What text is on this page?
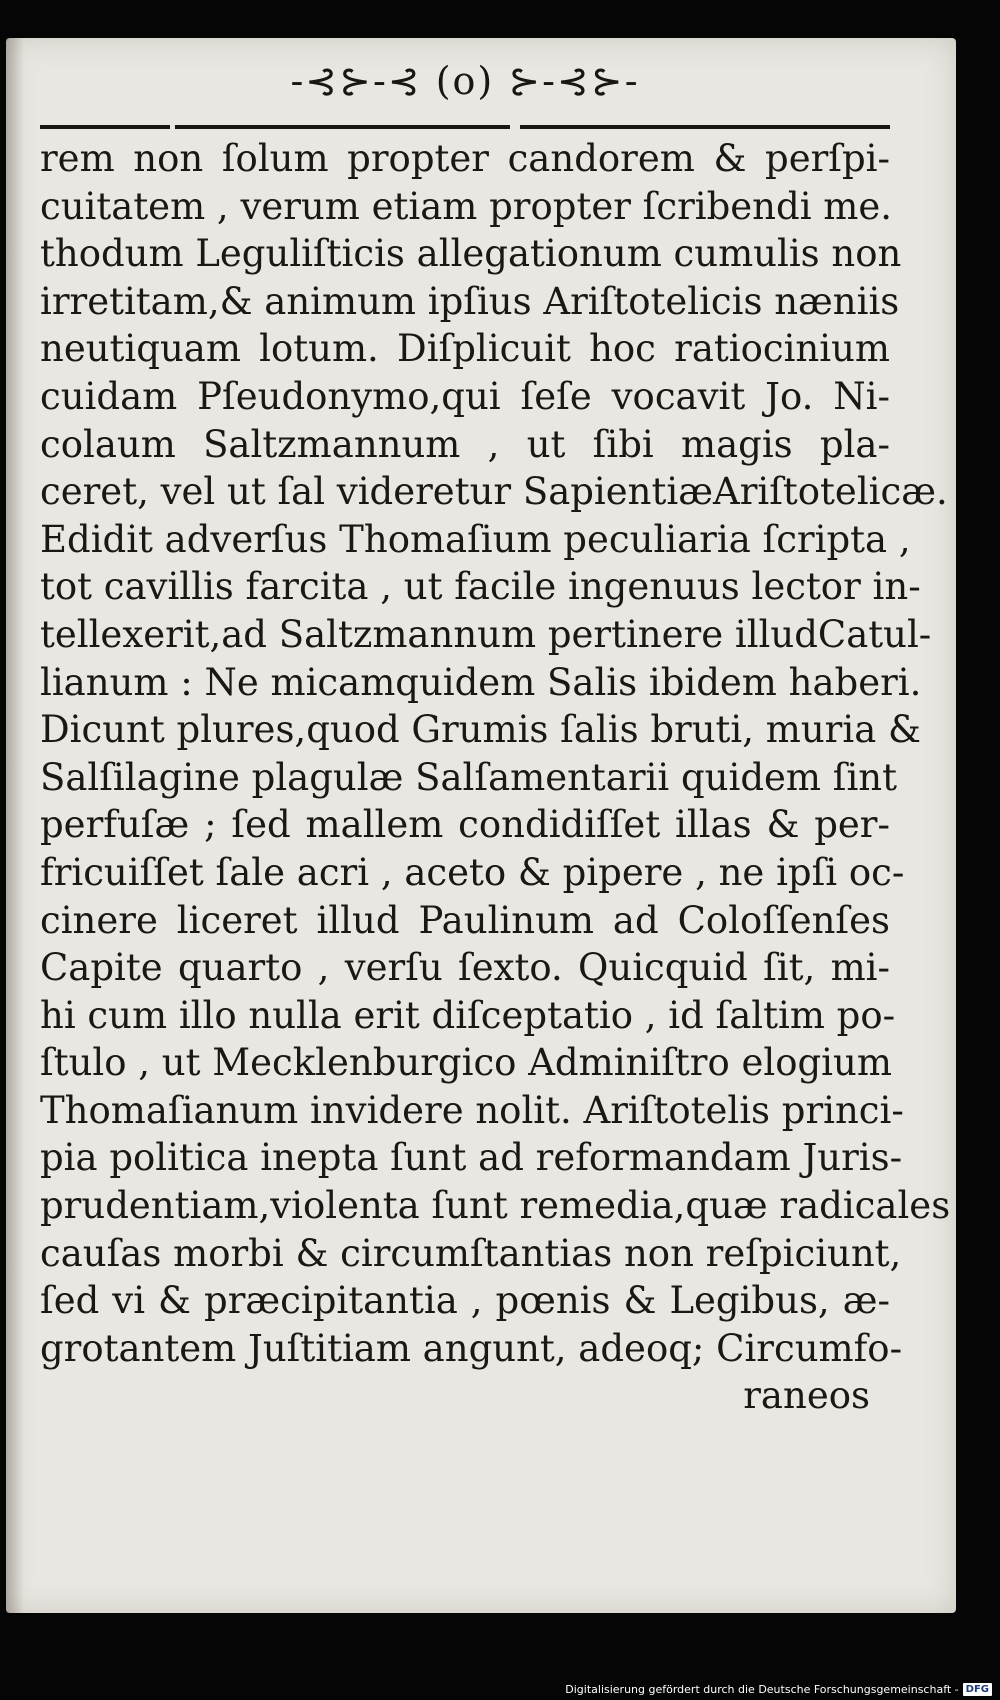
-⊰⊱-⊰ (o) ⊱-⊰⊱-
rem non ſolum propter candorem & perſpi-
cuitatem , verum etiam propter ſcribendi me.
thodum Leguliſticis allegationum cumulis non
irretitam,& animum ipſius Ariſtotelicis næniis
neutiquam lotum. Diſplicuit hoc ratiocinium
cuidam Pſeudonymo,qui ſeſe vocavit Jo. Ni-
colaum Saltzmannum , ut ſibi magis pla-
ceret, vel ut ſal videretur SapientiæAriſtotelicæ.
Edidit adverſus Thomaſium peculiaria ſcripta ,
tot cavillis farcita , ut facile ingenuus lector in-
tellexerit,ad Saltzmannum pertinere illudCatul-
lianum : Ne micamquidem Salis ibidem haberi.
Dicunt plures,quod Grumis ſalis bruti, muria &
Salſilagine plagulæ Salſamentarii quidem ſint
perfuſæ ; ſed mallem condidiſſet illas & per-
fricuiſſet ſale acri , aceto & pipere , ne ipſi oc-
cinere liceret illud Paulinum ad Coloſſenſes
Capite quarto , verſu ſexto. Quicquid ſit, mi-
hi cum illo nulla erit diſceptatio , id ſaltim po-
ſtulo , ut Mecklenburgico Adminiſtro elogium
Thomaſianum invidere nolit. Ariſtotelis princi-
pia politica inepta ſunt ad reformandam Juris-
prudentiam,violenta ſunt remedia,quæ radicales
cauſas morbi & circumſtantias non reſpiciunt,
ſed vi & præcipitantia , pœnis & Legibus, æ-
grotantem Juſtitiam angunt, adeoq; Circumfo-
raneos
Digitalisierung gefördert durch die Deutsche Forschungsgemeinschaft - DFG
